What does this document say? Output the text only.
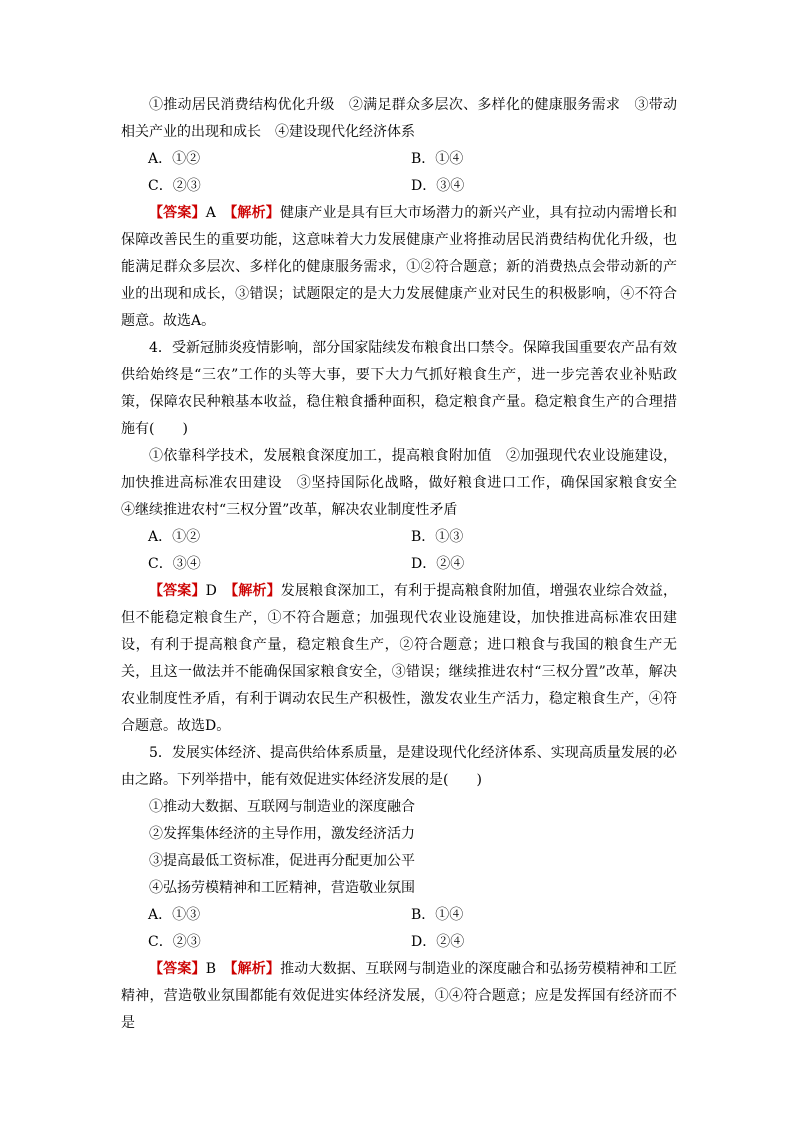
①推动居民消费结构优化升级　②满足群众多层次、多样化的健康服务需求　③带动相关产业的出现和成长　④建设现代化经济体系

A．①②	B．①④
C．②③	D．③④

【答案】A　【解析】健康产业是具有巨大市场潜力的新兴产业，具有拉动内需增长和保障改善民生的重要功能，这意味着大力发展健康产业将推动居民消费结构优化升级，也能满足群众多层次、多样化的健康服务需求，①②符合题意；新的消费热点会带动新的产业的出现和成长，③错误；试题限定的是大力发展健康产业对民生的积极影响，④不符合题意。故选A。

4．受新冠肺炎疫情影响，部分国家陆续发布粮食出口禁令。保障我国重要农产品有效供给始终是“三农”工作的头等大事，要下大力气抓好粮食生产，进一步完善农业补贴政策，保障农民种粮基本收益，稳住粮食播种面积，稳定粮食产量。稳定粮食生产的合理措施有(　　)

①依靠科学技术，发展粮食深度加工，提高粮食附加值　②加强现代农业设施建设，加快推进高标准农田建设　③坚持国际化战略，做好粮食进口工作，确保国家粮食安全　④继续推进农村“三权分置”改革，解决农业制度性矛盾

A．①②	B．①③
C．③④	D．②④

【答案】D　【解析】发展粮食深加工，有利于提高粮食附加值，增强农业综合效益，但不能稳定粮食生产，①不符合题意；加强现代农业设施建设，加快推进高标准农田建设，有利于提高粮食产量，稳定粮食生产，②符合题意；进口粮食与我国的粮食生产无关，且这一做法并不能确保国家粮食安全，③错误；继续推进农村“三权分置”改革，解决农业制度性矛盾，有利于调动农民生产积极性，激发农业生产活力，稳定粮食生产，④符合题意。故选D。

5．发展实体经济、提高供给体系质量，是建设现代化经济体系、实现高质量发展的必由之路。下列举措中，能有效促进实体经济发展的是(　　)

①推动大数据、互联网与制造业的深度融合

②发挥集体经济的主导作用，激发经济活力

③提高最低工资标准，促进再分配更加公平

④弘扬劳模精神和工匠精神，营造敬业氛围

A．①③	B．①④
C．②③	D．②④

【答案】B　【解析】推动大数据、互联网与制造业的深度融合和弘扬劳模精神和工匠精神，营造敬业氛围都能有效促进实体经济发展，①④符合题意；应是发挥国有经济而不是
